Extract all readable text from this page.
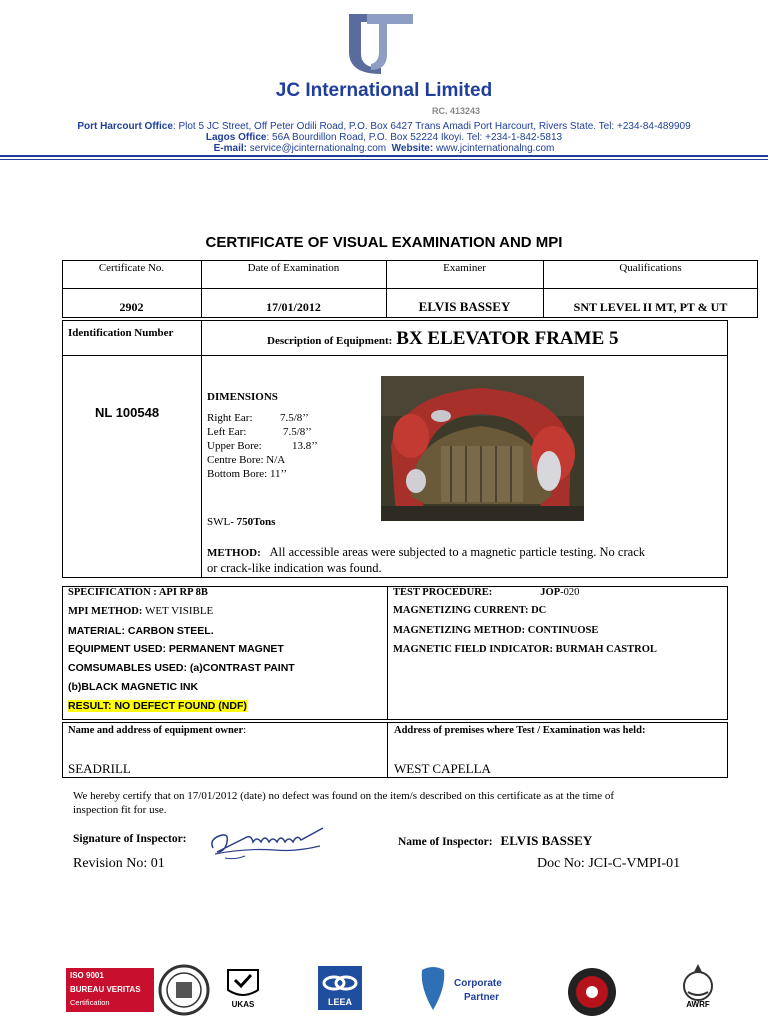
JC International Limited
RC. 413243
Port Harcourt Office: Plot 5 JC Street, Off Peter Odili Road, P.O. Box 6427 Trans Amadi Port Harcourt, Rivers State. Tel: +234-84-489909
Lagos Office: 56A Bourdillon Road, P.O. Box 52224 Ikoyi. Tel: +234-1-842-5813
E-mail: service@jcinternationalng.com Website: www.jcinternationalng.com
CERTIFICATE OF VISUAL EXAMINATION AND MPI
Certificate No.	Date of Examination	Examiner	Qualifications
2902	17/01/2012	ELVIS BASSEY	SNT LEVEL II MT, PT & UT
Identification Number
Description of Equipment: BX ELEVATOR FRAME 5
NL 100548
DIMENSIONS
Right Ear: 7.5/8’’
Left Ear:	7.5/8’’
Upper Bore:	13.8’’
Centre Bore: N/A
Bottom Bore: 11’’
SWL- 750Tons
METHOD: All accessible areas were subjected to a magnetic particle testing. No crack
or crack-like indication was found.
SPECIFICATION : API RP 8B
MPI METHOD: WET VISIBLE
MATERIAL: CARBON STEEL.
EQUIPMENT USED: PERMANENT MAGNET
COMSUMABLES USED: (a)CONTRAST PAINT
(b)BLACK MAGNETIC INK
RESULT: NO DEFECT FOUND (NDF)
TEST PROCEDURE:	JOP-020
MAGNETIZING CURRENT: DC
MAGNETIZING METHOD: CONTINUOSE
MAGNETIC FIELD INDICATOR: BURMAH CASTROL
Name and address of equipment owner:
SEADRILL
Address of premises where Test / Examination was held:
WEST CAPELLA
We hereby certify that on 17/01/2012 (date) no defect was found on the item/s described on this certificate as at the time of
inspection fit for use.
Signature of Inspector:	Name of Inspector: ELVIS BASSEY
Revision No: 01	Doc No: JCI-C-VMPI-01
ISO 9001
BUREAU VERITAS
Certification	UKAS	LEEA
Corporate
Partner
AWRF
